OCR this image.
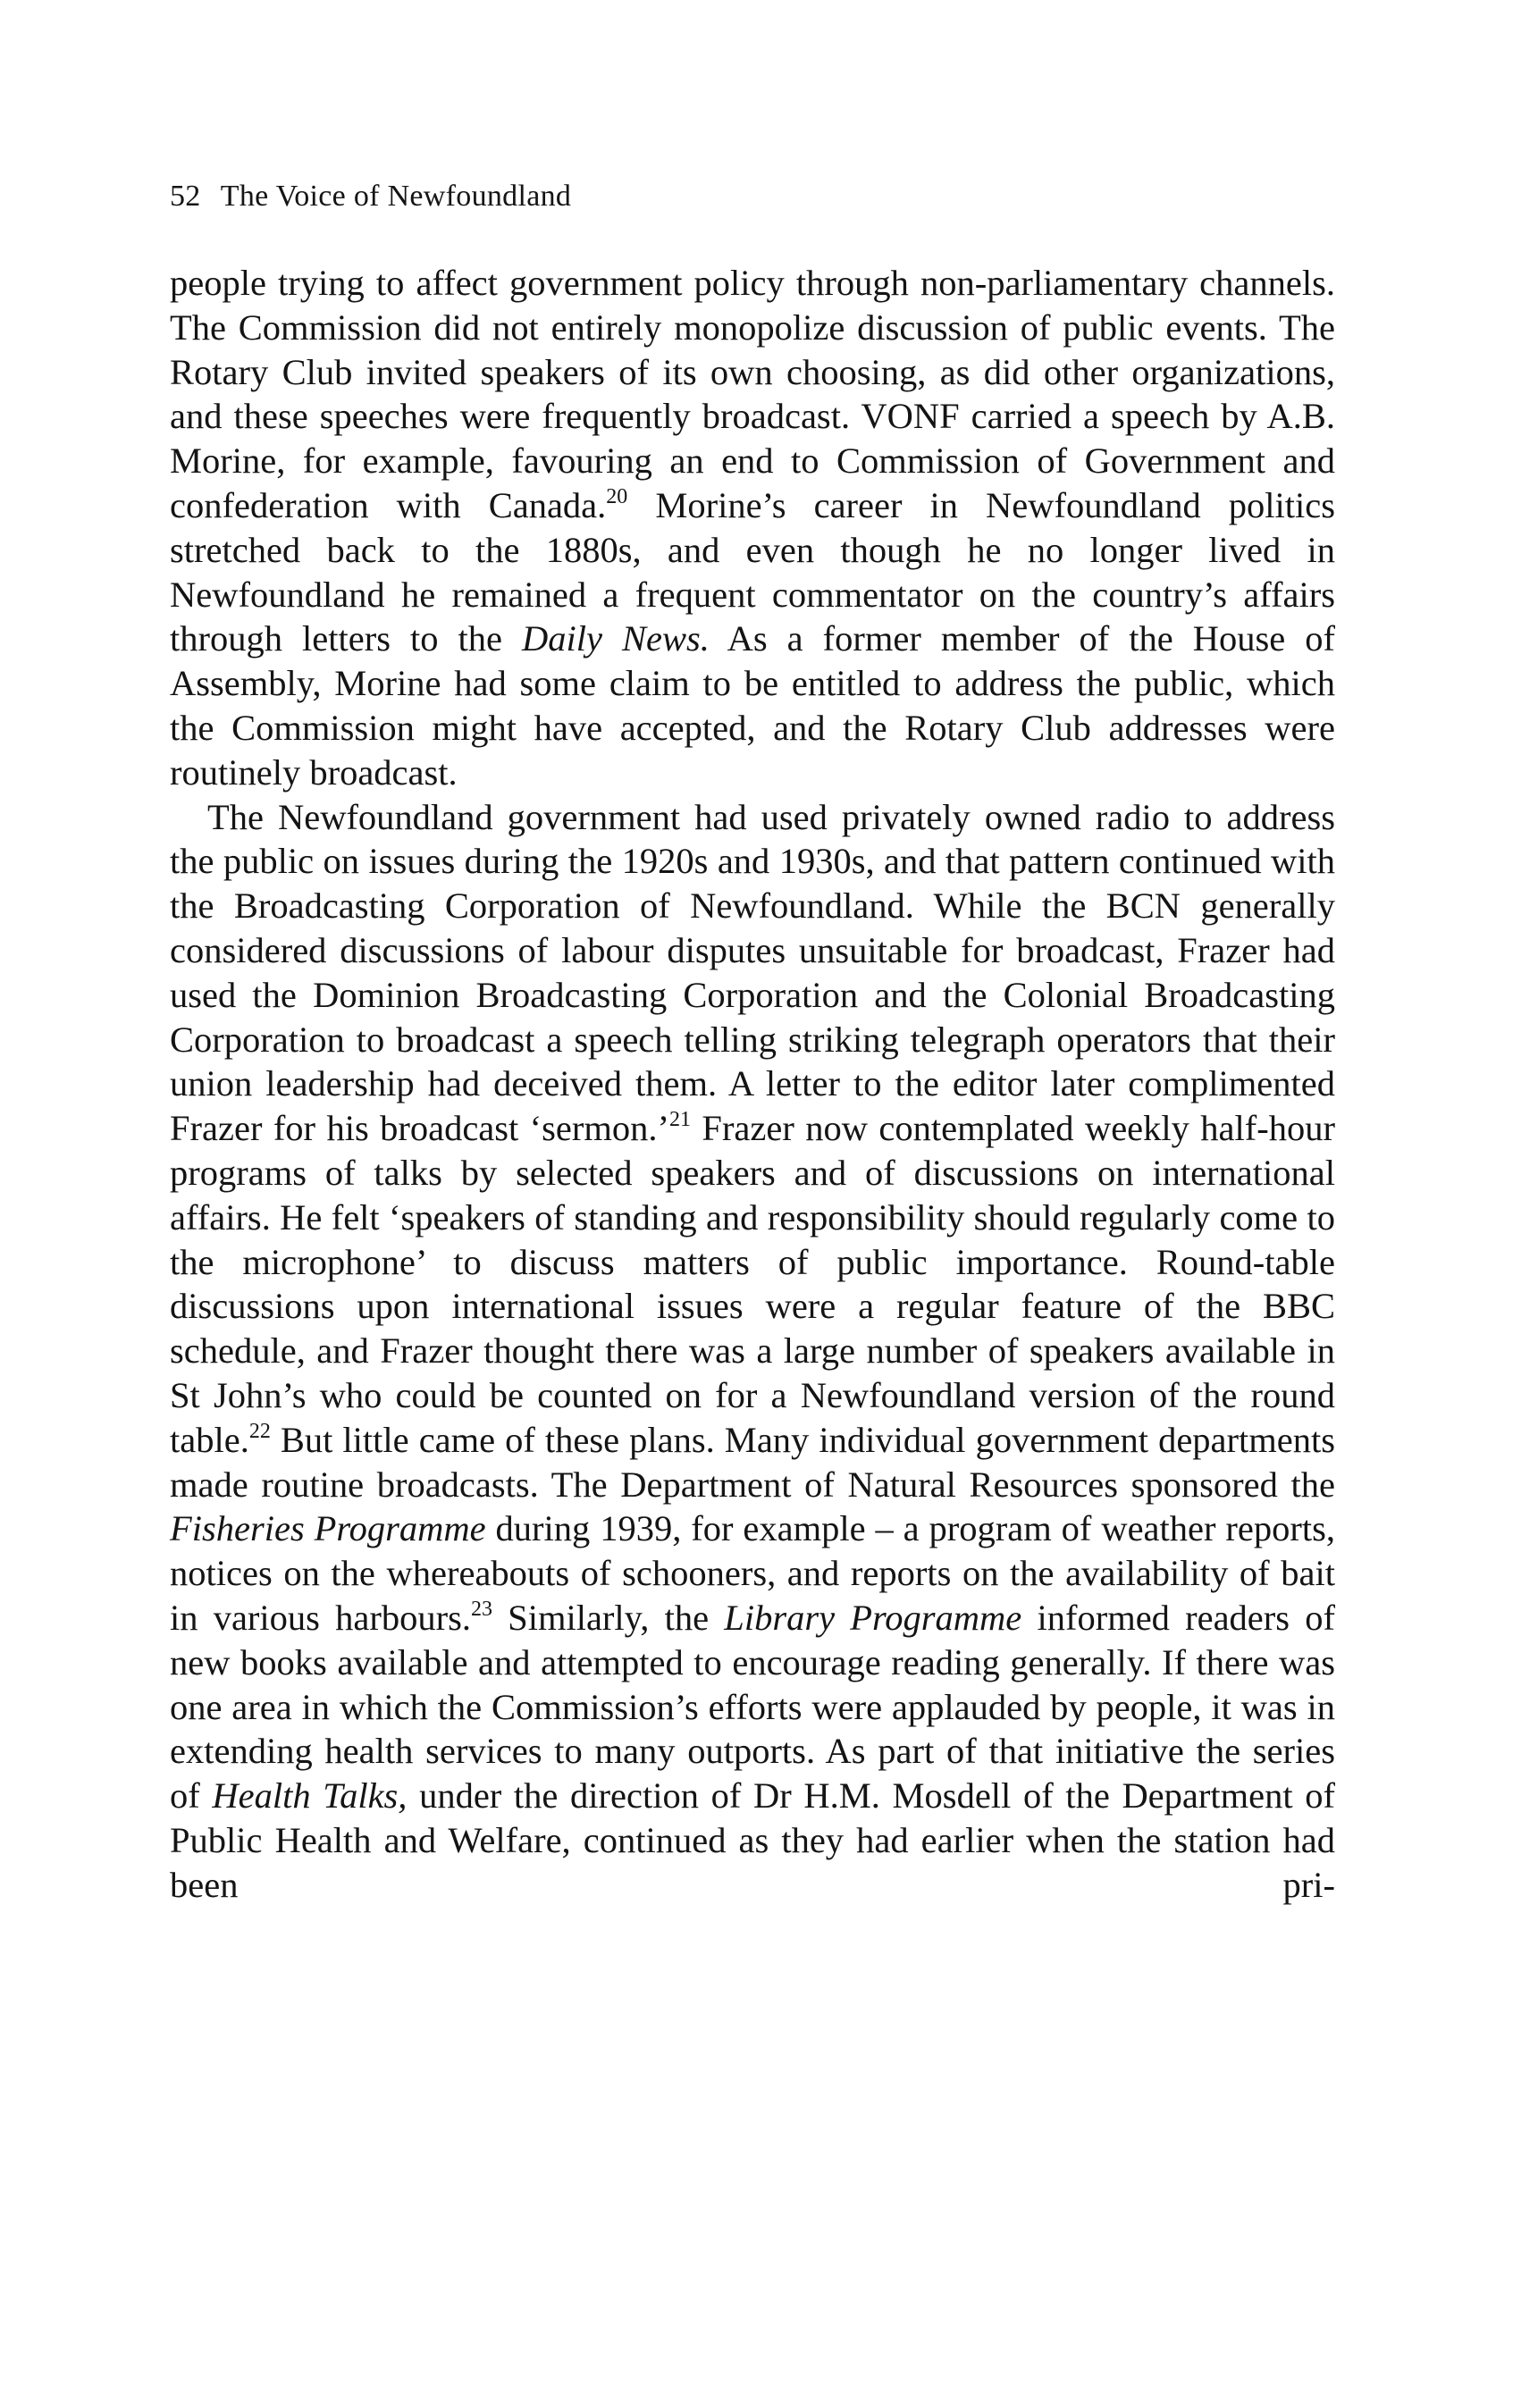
52 The Voice of Newfoundland

people trying to affect government policy through non-parliamentary channels. The Commission did not entirely monopolize discussion of public events. The Rotary Club invited speakers of its own choosing, as did other organizations, and these speeches were frequently broadcast. VONF carried a speech by A.B. Morine, for example, favouring an end to Commission of Government and confederation with Canada.$^{20}$ Morine’s career in Newfoundland politics stretched back to the 1880s, and even though he no longer lived in Newfoundland he remained a frequent commentator on the country’s affairs through letters to the Daily News. As a former member of the House of Assembly, Morine had some claim to be entitled to address the public, which the Commission might have accepted, and the Rotary Club addresses were routinely broadcast.

The Newfoundland government had used privately owned radio to address the public on issues during the 1920s and 1930s, and that pattern continued with the Broadcasting Corporation of Newfoundland. While the BCN generally considered discussions of labour disputes unsuitable for broadcast, Frazer had used the Dominion Broadcasting Corporation and the Colonial Broadcasting Corporation to broadcast a speech telling striking telegraph operators that their union leadership had deceived them. A letter to the editor later complimented Frazer for his broadcast ‘sermon.’$^{21}$ Frazer now contemplated weekly half-hour programs of talks by selected speakers and of discussions on international affairs. He felt ‘speakers of standing and responsibility should regularly come to the microphone’ to discuss matters of public importance. Round-table discussions upon international issues were a regular feature of the BBC schedule, and Frazer thought there was a large number of speakers available in St John’s who could be counted on for a Newfoundland version of the round table.$^{22}$ But little came of these plans. Many individual government departments made routine broadcasts. The Department of Natural Resources sponsored the Fisheries Programme during 1939, for example – a program of weather reports, notices on the whereabouts of schooners, and reports on the availability of bait in various harbours.$^{23}$ Similarly, the Library Programme informed readers of new books available and attempted to encourage reading generally. If there was one area in which the Commission’s efforts were applauded by people, it was in extending health services to many outports. As part of that initiative the series of Health Talks, under the direction of Dr H.M. Mosdell of the Department of Public Health and Welfare, continued as they had earlier when the station had been pri-
